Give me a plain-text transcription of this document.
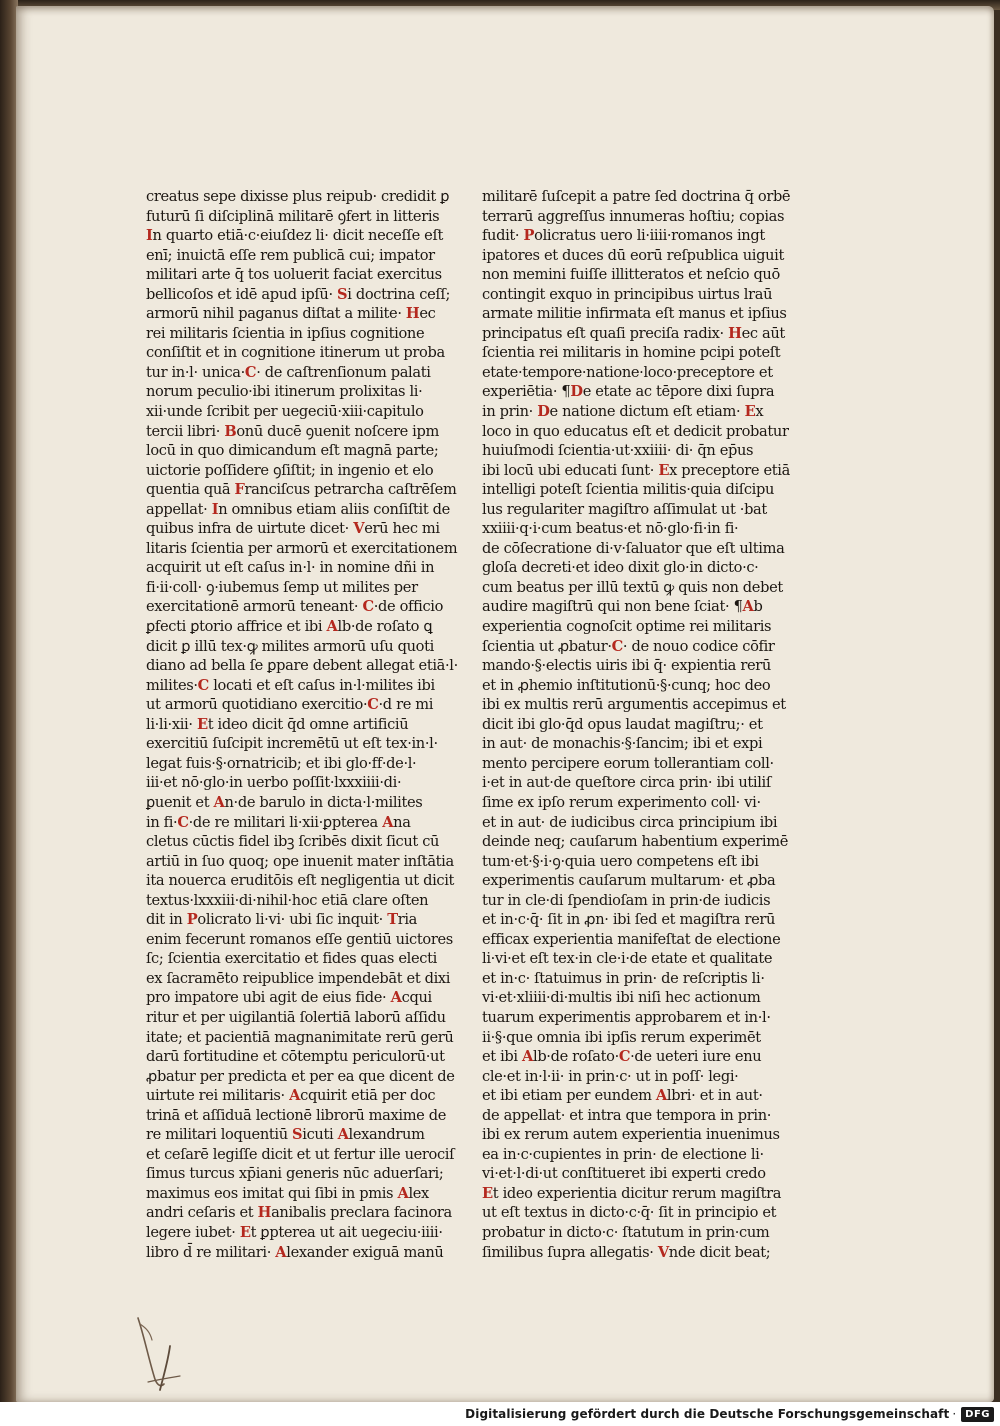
creatus sepe dixisse plus reipub· credidit ꝑ
futurū ſi diſciplinā militarē ꝯfert in litteris
In quarto etiā·c·eiuſdez li· dicit neceſſe eſt
enī; inuictā eſſe rem publicā cui; impator
militari arte q̄ tos uoluerit faciat exercitus
bellicoſos et idē apud ipſū· Si doctrina ceſſ;
armorū nihil paganus diſtat a milite· Hec
rei militaris ſcientia in ipſius cognitione
conſiſtit et in cognitione itinerum ut proba
tur in·l· unica·C· de caſtrenſionum palati
norum peculio·ibi itinerum prolixitas li·
xii·unde ſcribit per uegeciū·xiii·capitulo
tercii libri· Bonū ducē ꝯuenit noſcere ipm
locū in quo dimicandum eſt magnā parte;
uictorie poſſidere ꝯſiſtit; in ingenio et elo
quentia quā Franciſcus petrarcha caſtrēſem
appellat· In omnibus etiam aliis conſiſtit de
quibus infra de uirtute dicet· Verū hec mi
litaris ſcientia per armorū et exercitationem
acquirit ut eſt caſus in·l· in nomine dñi in
fi·ii·coll· ꝯ·iubemus ſemp ut milites per
exercitationē armorū teneant· C·de officio
ꝑfecti ꝑtorio affrice et ibi Alb·de roſato ꝗ
dicit ꝑ illū tex·ꝙ milites armorū uſu quoti
diano ad bella ſe ꝑpare debent allegat etiā·l·
milites·C locati et eſt caſus in·l·milites ibi
ut armorū quotidiano exercitio·C·d re mi
li·li·xii· Et ideo dicit q̄d omne artificiū
exercitiū ſuſcipit incremētū ut eſt tex·in·l·
legat fuis·§·ornatricib; et ibi glo·ff·de·l·
iii·et nō·glo·in uerbo poſſit·lxxxiiii·di·
ꝑuenit et An·de barulo in dicta·l·milites
in fi·C·de re militari li·xii·ꝑpterea Ana
cletus cūctis fidel ibꝫ ſcribēs dixit ſicut cū
artiū in ſuo quoq; ope inuenit mater inſtātia
ita nouerca eruditōis eſt negligentia ut dicit
textus·lxxxiii·di·nihil·hoc etiā clare oſten
dit in Policrato li·vi· ubi ſic inquit· Tria
enim fecerunt romanos eſſe gentiū uictores
ſc; ſcientia exercitatio et fides quas electi
ex ſacramēto reipublice impendebāt et dixi
pro impatore ubi agit de eius fide· Acqui
ritur et per uigilantiā ſolertiā laborū aſſidu
itate; et pacientiā magnanimitate rerū gerū
darū fortitudine et cōtemptu periculorū·ut
ꝓbatur per predicta et per ea que dicent de
uirtute rei militaris· Acquirit etiā per doc
trinā et aſſiduā lectionē librorū maxime de
re militari loquentiū Sicuti Alexandrum
et ceſarē legiſſe dicit et ut fertur ille uerociſ
ſimus turcus xp̄iani generis nūc aduerſari;
maximus eos imitat qui ſibi in pmis Alex
andri ceſaris et Hanibalis preclara facinora
legere iubet· Et ꝑpterea ut ait uegeciu·iiii·
libro d̄ re militari· Alexander exiguā manū
militarē ſuſcepit a patre ſed doctrina q̄ orbē
terrarū aggreſſus innumeras hoſtiu; copias
fudit· Policratus uero li·iiii·romanos ingt
ipatores et duces dū eorū reſpublica uiguit
non memini fuiſſe illitteratos et neſcio quō
contingit exquo in principibus uirtus lraū
armate militie infirmata eſt manus et ipſius
principatus eſt quaſi preciſa radix· Hec aūt
ſcientia rei militaris in homine pcipi poteſt
etate·tempore·natione·loco·preceptore et
experiētia· ¶De etate ac tēpore dixi ſupra
in prin· De natione dictum eſt etiam· Ex
loco in quo educatus eſt et dedicit probatur
huiuſmodi ſcientia·ut·xxiiii· di· q̄n ep̄us
ibi locū ubi educati ſunt· Ex preceptore etiā
intelligi poteſt ſcientia militis·quia diſcipu
lus regulariter magiſtro aſſimulat ut ·bat
xxiiii·q·i·cum beatus·et nō·glo·fi·in fi·
de cōſecratione di·v·ſaluator que eſt ultima
gloſa decreti·et ideo dixit glo·in dicto·c·
cum beatus per illū textū ꝙ quis non debet
audire magiſtrū qui non bene ſciat· ¶Ab
experientia cognoſcit optime rei militaris
ſcientia ut ꝓbatur·C· de nouo codice cōfir
mando·§·electis uiris ibi q̄· expientia rerū
et in ꝓhemio inſtitutionū·§·cunq; hoc deo
ibi ex multis rerū argumentis accepimus et
dicit ibi glo·q̄d opus laudat magiſtru;· et
in aut· de monachis·§·ſancim; ibi et expi
mento percipere eorum tollerantiam coll·
i·et in aut·de queſtore circa prin· ibi utiliſ
ſime ex ipſo rerum experimento coll· vi·
et in aut· de iudicibus circa principium ibi
deinde neq; cauſarum habentium experimē
tum·et·§·i·ꝯ·quia uero competens eſt ibi
experimentis cauſarum multarum· et ꝓba
tur in cle·di ſpendioſam in prin·de iudicis
et in·c·q̄· ſit in ꝓn· ibi ſed et magiſtra rerū
efficax experientia manifeſtat de electione
li·vi·et eſt tex·in cle·i·de etate et qualitate
et in·c· ſtatuimus in prin· de reſcriptis li·
vi·et·xliiii·di·multis ibi niſi hec actionum
tuarum experimentis approbarem et in·l·
ii·§·que omnia ibi ipſis rerum experimēt
et ibi Alb·de roſato·C·de ueteri iure enu
cle·et in·l·ii· in prin·c· ut in poſſ· legi·
et ibi etiam per eundem Albri· et in aut·
de appellat· et intra que tempora in prin·
ibi ex rerum autem experientia inuenimus
ea in·c·cupientes in prin· de electione li·
vi·et·l·di·ut conſtitueret ibi experti credo
Et ideo experientia dicitur rerum magiſtra
ut eſt textus in dicto·c·q̄· ſit in principio et
probatur in dicto·c· ſtatutum in prin·cum
ſimilibus ſupra allegatis· Vnde dicit beat;
Digitalisierung gefördert durch die Deutsche Forschungsgemeinschaft · DFG
